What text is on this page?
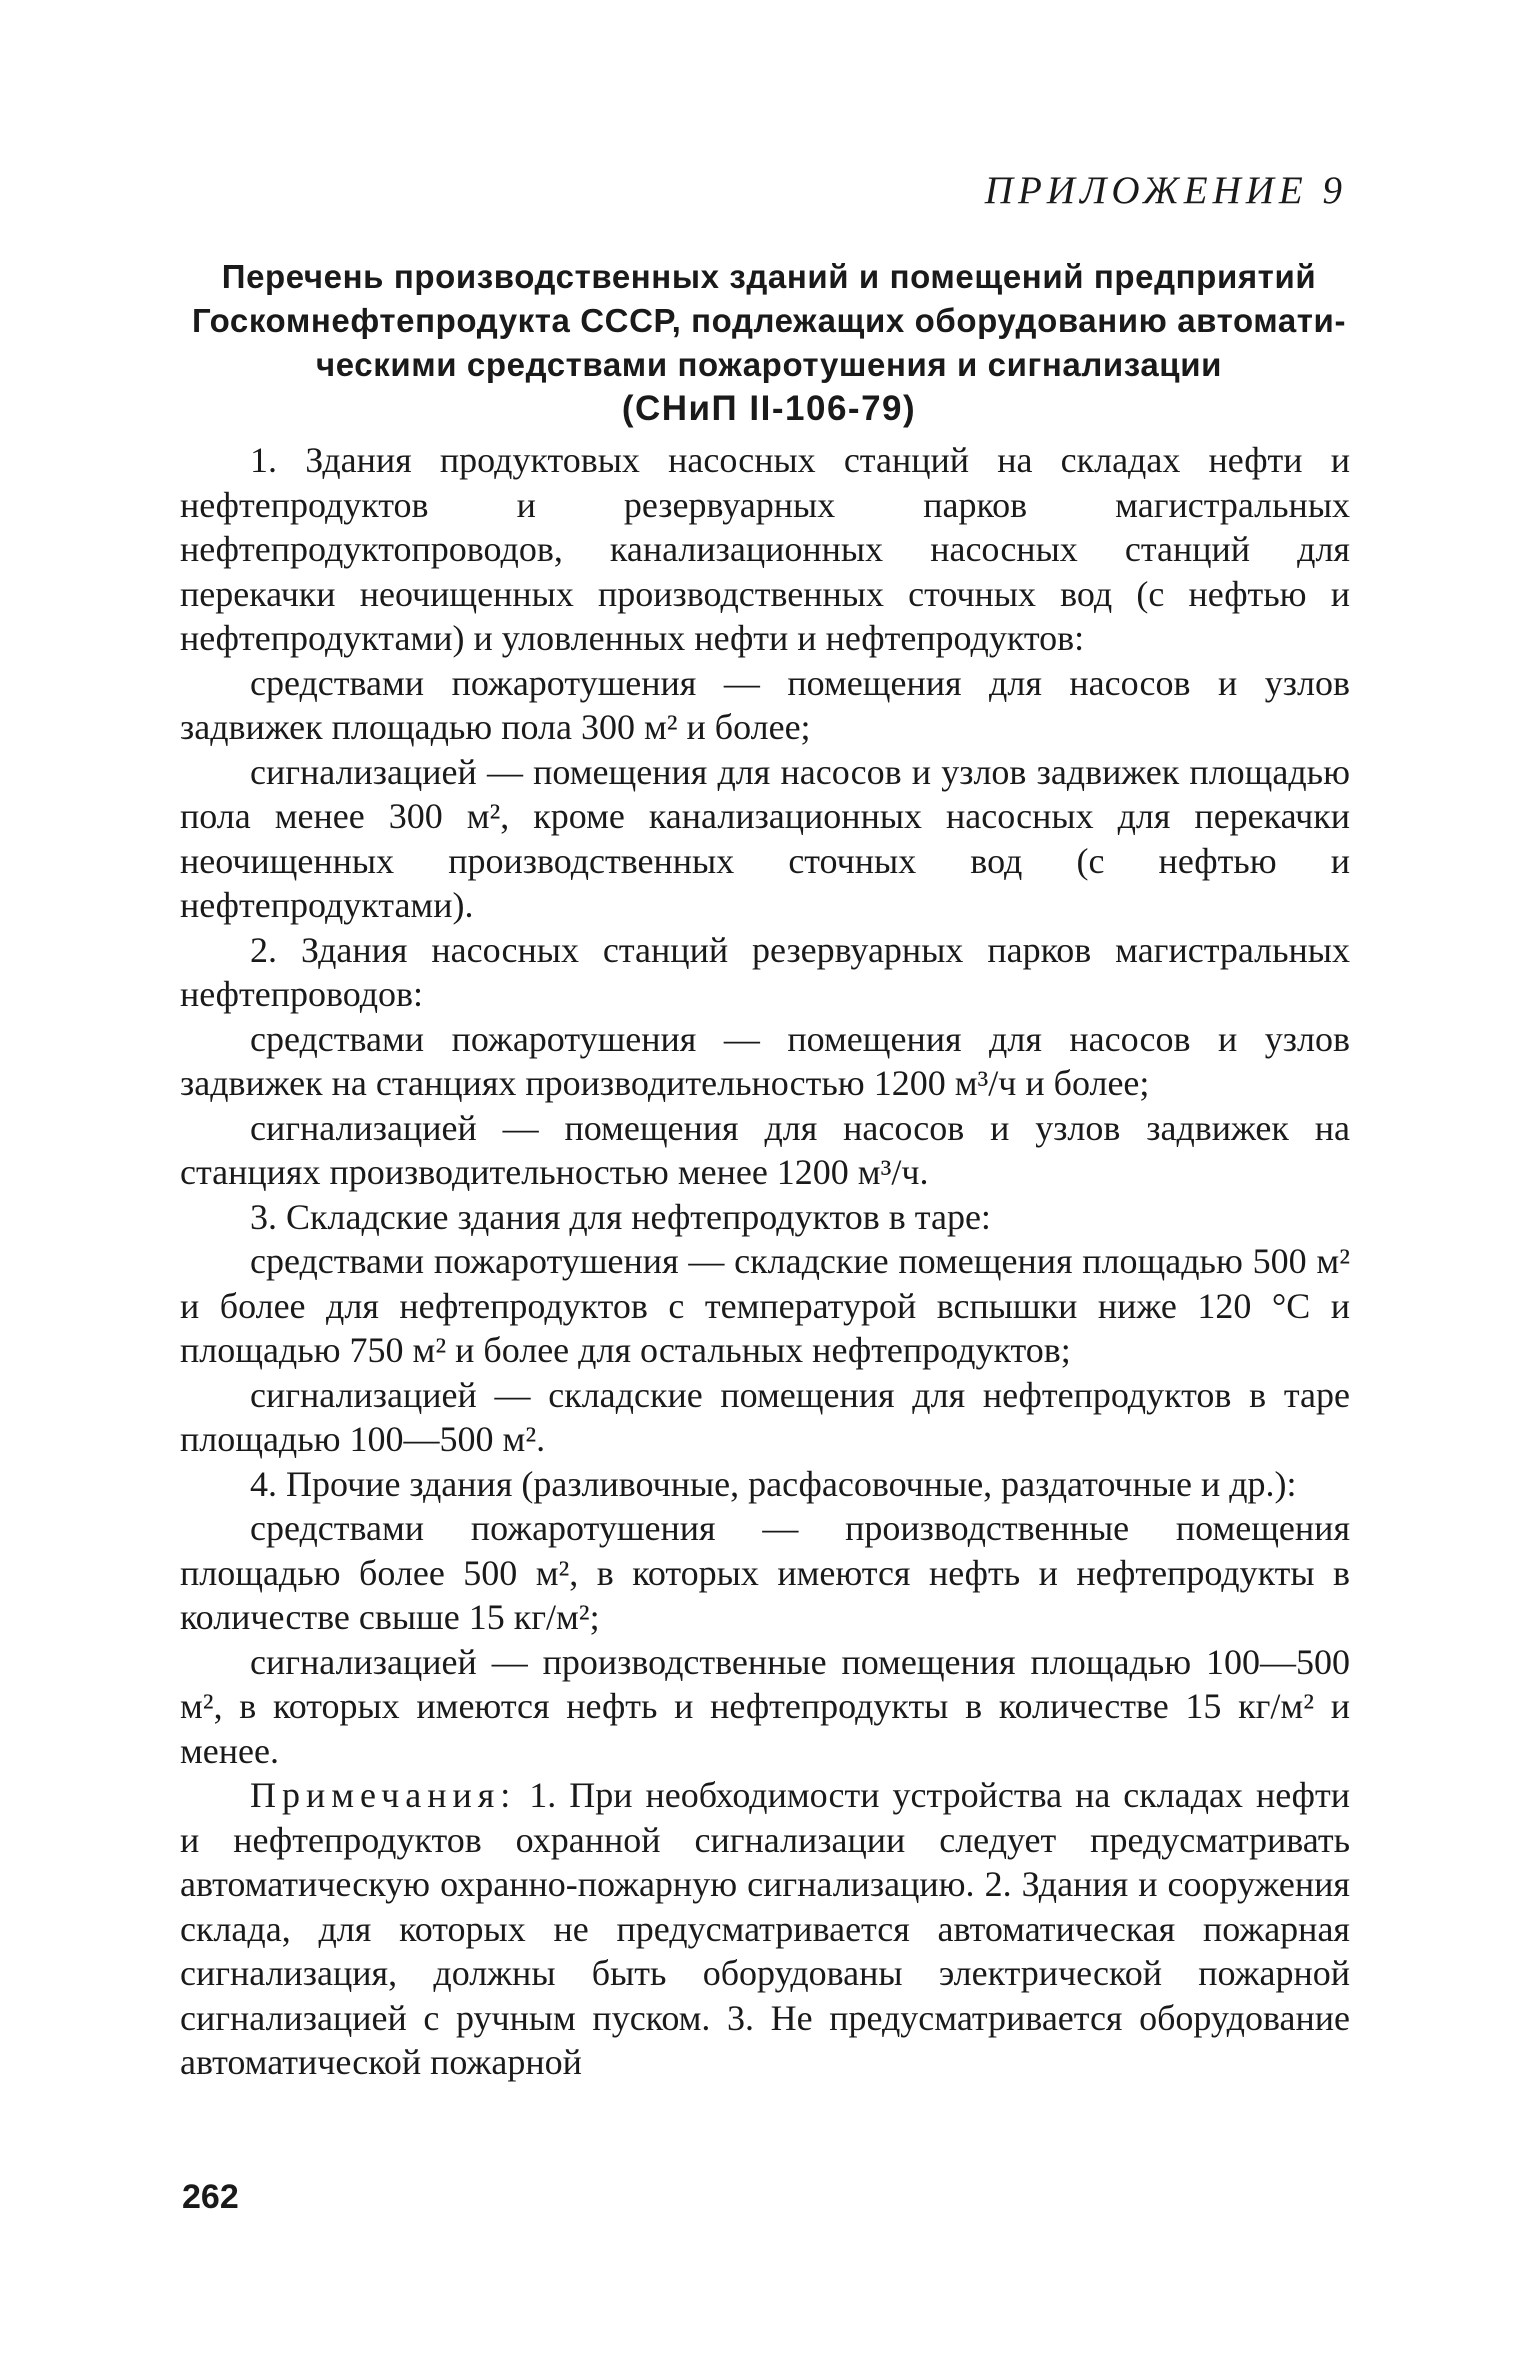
ПРИЛОЖЕНИЕ 9
Перечень производственных зданий и помещений предприятий
Госкомнефтепродукта СССР, подлежащих оборудованию автомати-
ческими средствами пожаротушения и сигнализации
(СНиП II-106-79)

1. Здания продуктовых насосных станций на складах нефти и нефтепродуктов и резервуарных парков магистральных нефтепродуктопроводов, канализационных насосных станций для перекачки неочищенных производственных сточных вод (с нефтью и нефтепродуктами) и уловленных нефти и нефтепродуктов:

средствами пожаротушения — помещения для насосов и узлов задвижек площадью пола 300 м² и более;

сигнализацией — помещения для насосов и узлов задвижек площадью пола менее 300 м², кроме канализационных насосных для перекачки неочищенных производственных сточных вод (с нефтью и нефтепродуктами).

2. Здания насосных станций резервуарных парков магистральных нефтепроводов:

средствами пожаротушения — помещения для насосов и узлов задвижек на станциях производительностью 1200 м³/ч и более;

сигнализацией — помещения для насосов и узлов задвижек на станциях производительностью менее 1200 м³/ч.

3. Складские здания для нефтепродуктов в таре:

средствами пожаротушения — складские помещения площадью 500 м² и более для нефтепродуктов с температурой вспышки ниже 120 °С и площадью 750 м² и более для остальных нефтепродуктов;

сигнализацией — складские помещения для нефтепродуктов в таре площадью 100—500 м².

4. Прочие здания (разливочные, расфасовочные, раздаточные и др.):

средствами пожаротушения — производственные помещения площадью более 500 м², в которых имеются нефть и нефтепродукты в количестве свыше 15 кг/м²;

сигнализацией — производственные помещения площадью 100—500 м², в которых имеются нефть и нефтепродукты в количестве 15 кг/м² и менее.

Примечания: 1. При необходимости устройства на складах нефти и нефтепродуктов охранной сигнализации следует предусматривать автоматическую охранно-пожарную сигнализацию. 2. Здания и сооружения склада, для которых не предусматривается автоматическая пожарная сигнализация, должны быть оборудованы электрической пожарной сигнализацией с ручным пуском. 3. Не предусматривается оборудование автоматической пожарной

262
